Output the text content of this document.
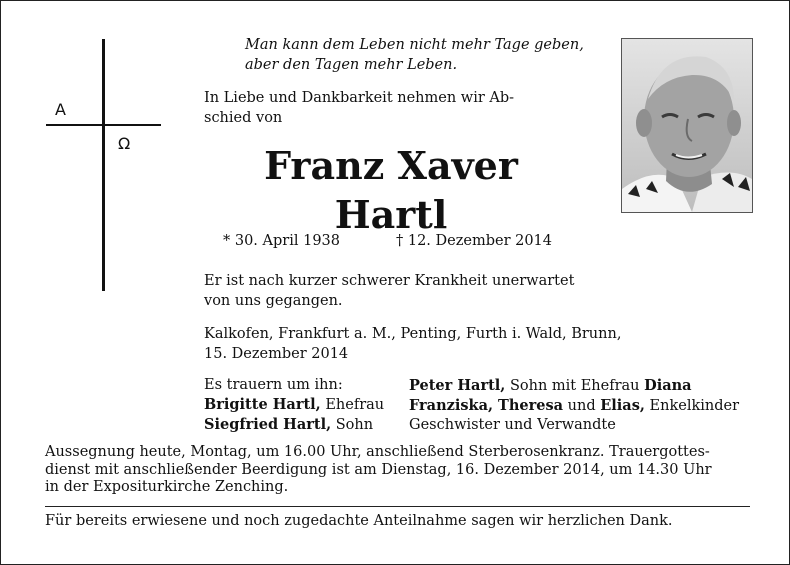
A
Ω
Man kann dem Leben nicht mehr Tage geben,
aber den Tagen mehr Leben.
In Liebe und Dankbarkeit nehmen wir Ab-
schied von
Franz Xaver
Hartl
* 30. April 1938	† 12. Dezember 2014
Er ist nach kurzer schwerer Krankheit unerwartet
von uns gegangen.
Kalkofen, Frankfurt a. M., Penting, Furth i. Wald, Brunn,
15. Dezember 2014
Es trauern um ihn:
Brigitte Hartl, Ehefrau
Siegfried Hartl, Sohn
Peter Hartl, Sohn mit Ehefrau Diana
Franziska, Theresa und Elias, Enkelkinder
Geschwister und Verwandte
Aussegnung heute, Montag, um 16.00 Uhr, anschließend Sterberosenkranz. Trauergottes-
dienst mit anschließender Beerdigung ist am Dienstag, 16. Dezember 2014, um 14.30 Uhr
in der Expositurkirche Zenching.
Für bereits erwiesene und noch zugedachte Anteilnahme sagen wir herzlichen Dank.
